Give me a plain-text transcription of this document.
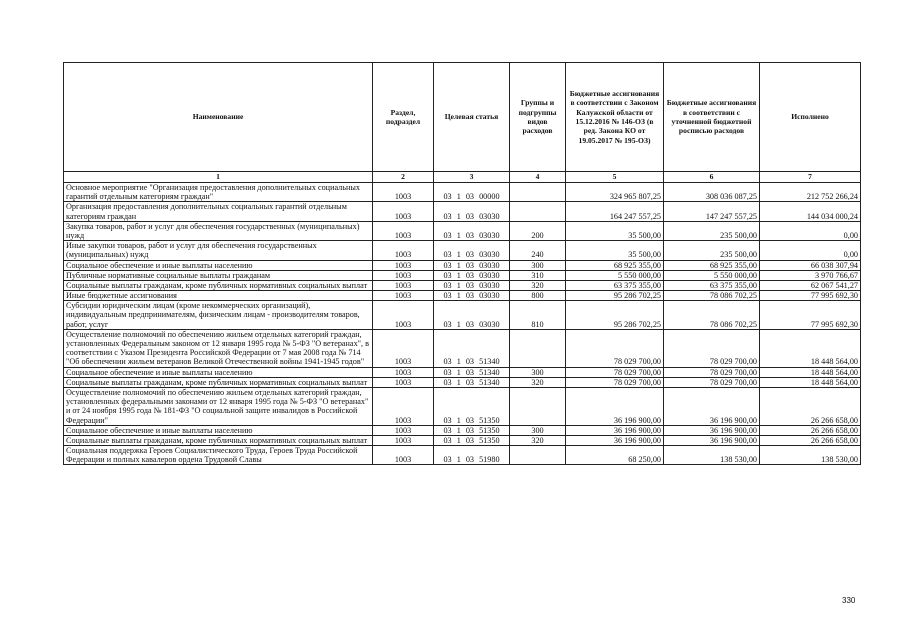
Наименование	Раздел, подраздел	Целевая статья	Группы и подгруппы видов расходов	Бюджетные ассигнования в соответствии с Законом Калужской области от 15.12.2016 № 146-ОЗ (в ред. Закона КО от 19.05.2017 № 195-ОЗ)	Бюджетные ассигнования в соответствии с уточненной бюджетной росписью расходов	Исполнено
1	2	3	4	5	6	7
Основное мероприятие "Организация предоставления дополнительных социальных гарантий отдельным категориям граждан"	1003	03 1 03 00000		324 965 807,25	308 036 087,25	212 752 266,24
Организация предоставления дополнительных социальных гарантий отдельным категориям граждан	1003	03 1 03 03030		164 247 557,25	147 247 557,25	144 034 000,24
Закупка товаров, работ и услуг для обеспечения государственных (муниципальных) нужд	1003	03 1 03 03030	200	35 500,00	235 500,00	0,00
Иные закупки товаров, работ и услуг для обеспечения государственных (муниципальных) нужд	1003	03 1 03 03030	240	35 500,00	235 500,00	0,00
Социальное обеспечение и иные выплаты населению	1003	03 1 03 03030	300	68 925 355,00	68 925 355,00	66 038 307,94
Публичные нормативные социальные выплаты гражданам	1003	03 1 03 03030	310	5 550 000,00	5 550 000,00	3 970 766,67
Социальные выплаты гражданам, кроме публичных нормативных социальных выплат	1003	03 1 03 03030	320	63 375 355,00	63 375 355,00	62 067 541,27
Иные бюджетные ассигнования	1003	03 1 03 03030	800	95 286 702,25	78 086 702,25	77 995 692,30
Субсидии юридическим лицам (кроме некоммерческих организаций), индивидуальным предпринимателям, физическим лицам - производителям товаров, работ, услуг	1003	03 1 03 03030	810	95 286 702,25	78 086 702,25	77 995 692,30
Осуществление полномочий по обеспечению жильем отдельных категорий граждан, установленных Федеральным законом от 12 января 1995 года № 5-ФЗ "О ветеранах", в соответствии с Указом Президента Российской Федерации от 7 мая 2008 года № 714 "Об обеспечении жильем ветеранов Великой Отечественной войны 1941-1945 годов"	1003	03 1 03 51340		78 029 700,00	78 029 700,00	18 448 564,00
Социальное обеспечение и иные выплаты населению	1003	03 1 03 51340	300	78 029 700,00	78 029 700,00	18 448 564,00
Социальные выплаты гражданам, кроме публичных нормативных социальных выплат	1003	03 1 03 51340	320	78 029 700,00	78 029 700,00	18 448 564,00
Осуществление полномочий по обеспечению жильем отдельных категорий граждан, установленных федеральными законами от 12 января 1995 года № 5-ФЗ "О ветеранах" и от 24 ноября 1995 года № 181-ФЗ "О социальной защите инвалидов в Российской Федерации"	1003	03 1 03 51350		36 196 900,00	36 196 900,00	26 266 658,00
Социальное обеспечение и иные выплаты населению	1003	03 1 03 51350	300	36 196 900,00	36 196 900,00	26 266 658,00
Социальные выплаты гражданам, кроме публичных нормативных социальных выплат	1003	03 1 03 51350	320	36 196 900,00	36 196 900,00	26 266 658,00
Социальная поддержка Героев Социалистического Труда, Героев Труда Российской Федерации и полных кавалеров ордена Трудовой Славы	1003	03 1 03 51980		68 250,00	138 530,00	138 530,00
330
